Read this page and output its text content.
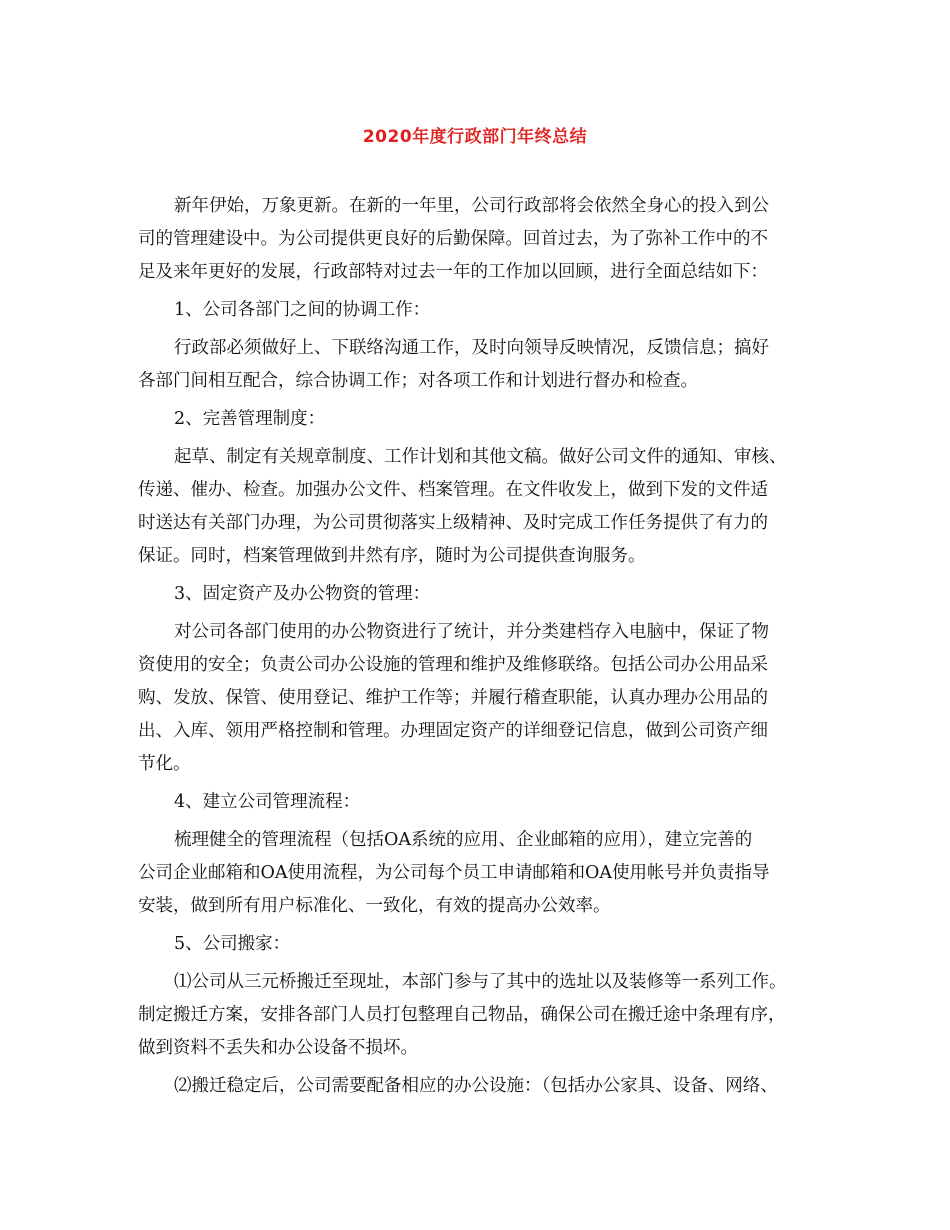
2020年度行政部门年终总结
新年伊始，万象更新。在新的一年里，公司行政部将会依然全身心的投入到公
司的管理建设中。为公司提供更良好的后勤保障。回首过去，为了弥补工作中的不
足及来年更好的发展，行政部特对过去一年的工作加以回顾，进行全面总结如下：
1、公司各部门之间的协调工作：
行政部必须做好上、下联络沟通工作，及时向领导反映情况，反馈信息；搞好
各部门间相互配合，综合协调工作；对各项工作和计划进行督办和检查。
2、完善管理制度：
起草、制定有关规章制度、工作计划和其他文稿。做好公司文件的通知、审核、
传递、催办、检查。加强办公文件、档案管理。在文件收发上，做到下发的文件适
时送达有关部门办理，为公司贯彻落实上级精神、及时完成工作任务提供了有力的
保证。同时，档案管理做到井然有序，随时为公司提供查询服务。
3、固定资产及办公物资的管理：
对公司各部门使用的办公物资进行了统计，并分类建档存入电脑中，保证了物
资使用的安全；负责公司办公设施的管理和维护及维修联络。包括公司办公用品采
购、发放、保管、使用登记、维护工作等；并履行稽查职能，认真办理办公用品的
出、入库、领用严格控制和管理。办理固定资产的详细登记信息，做到公司资产细
节化。
4、建立公司管理流程：
梳理健全的管理流程（包括OA系统的应用、企业邮箱的应用），建立完善的
公司企业邮箱和OA使用流程，为公司每个员工申请邮箱和OA使用帐号并负责指导
安装，做到所有用户标准化、一致化，有效的提高办公效率。
5、公司搬家：
⑴公司从三元桥搬迁至现址，本部门参与了其中的选址以及装修等一系列工作。
制定搬迁方案，安排各部门人员打包整理自己物品，确保公司在搬迁途中条理有序，
做到资料不丢失和办公设备不损坏。
⑵搬迁稳定后，公司需要配备相应的办公设施：（包括办公家具、设备、网络、
